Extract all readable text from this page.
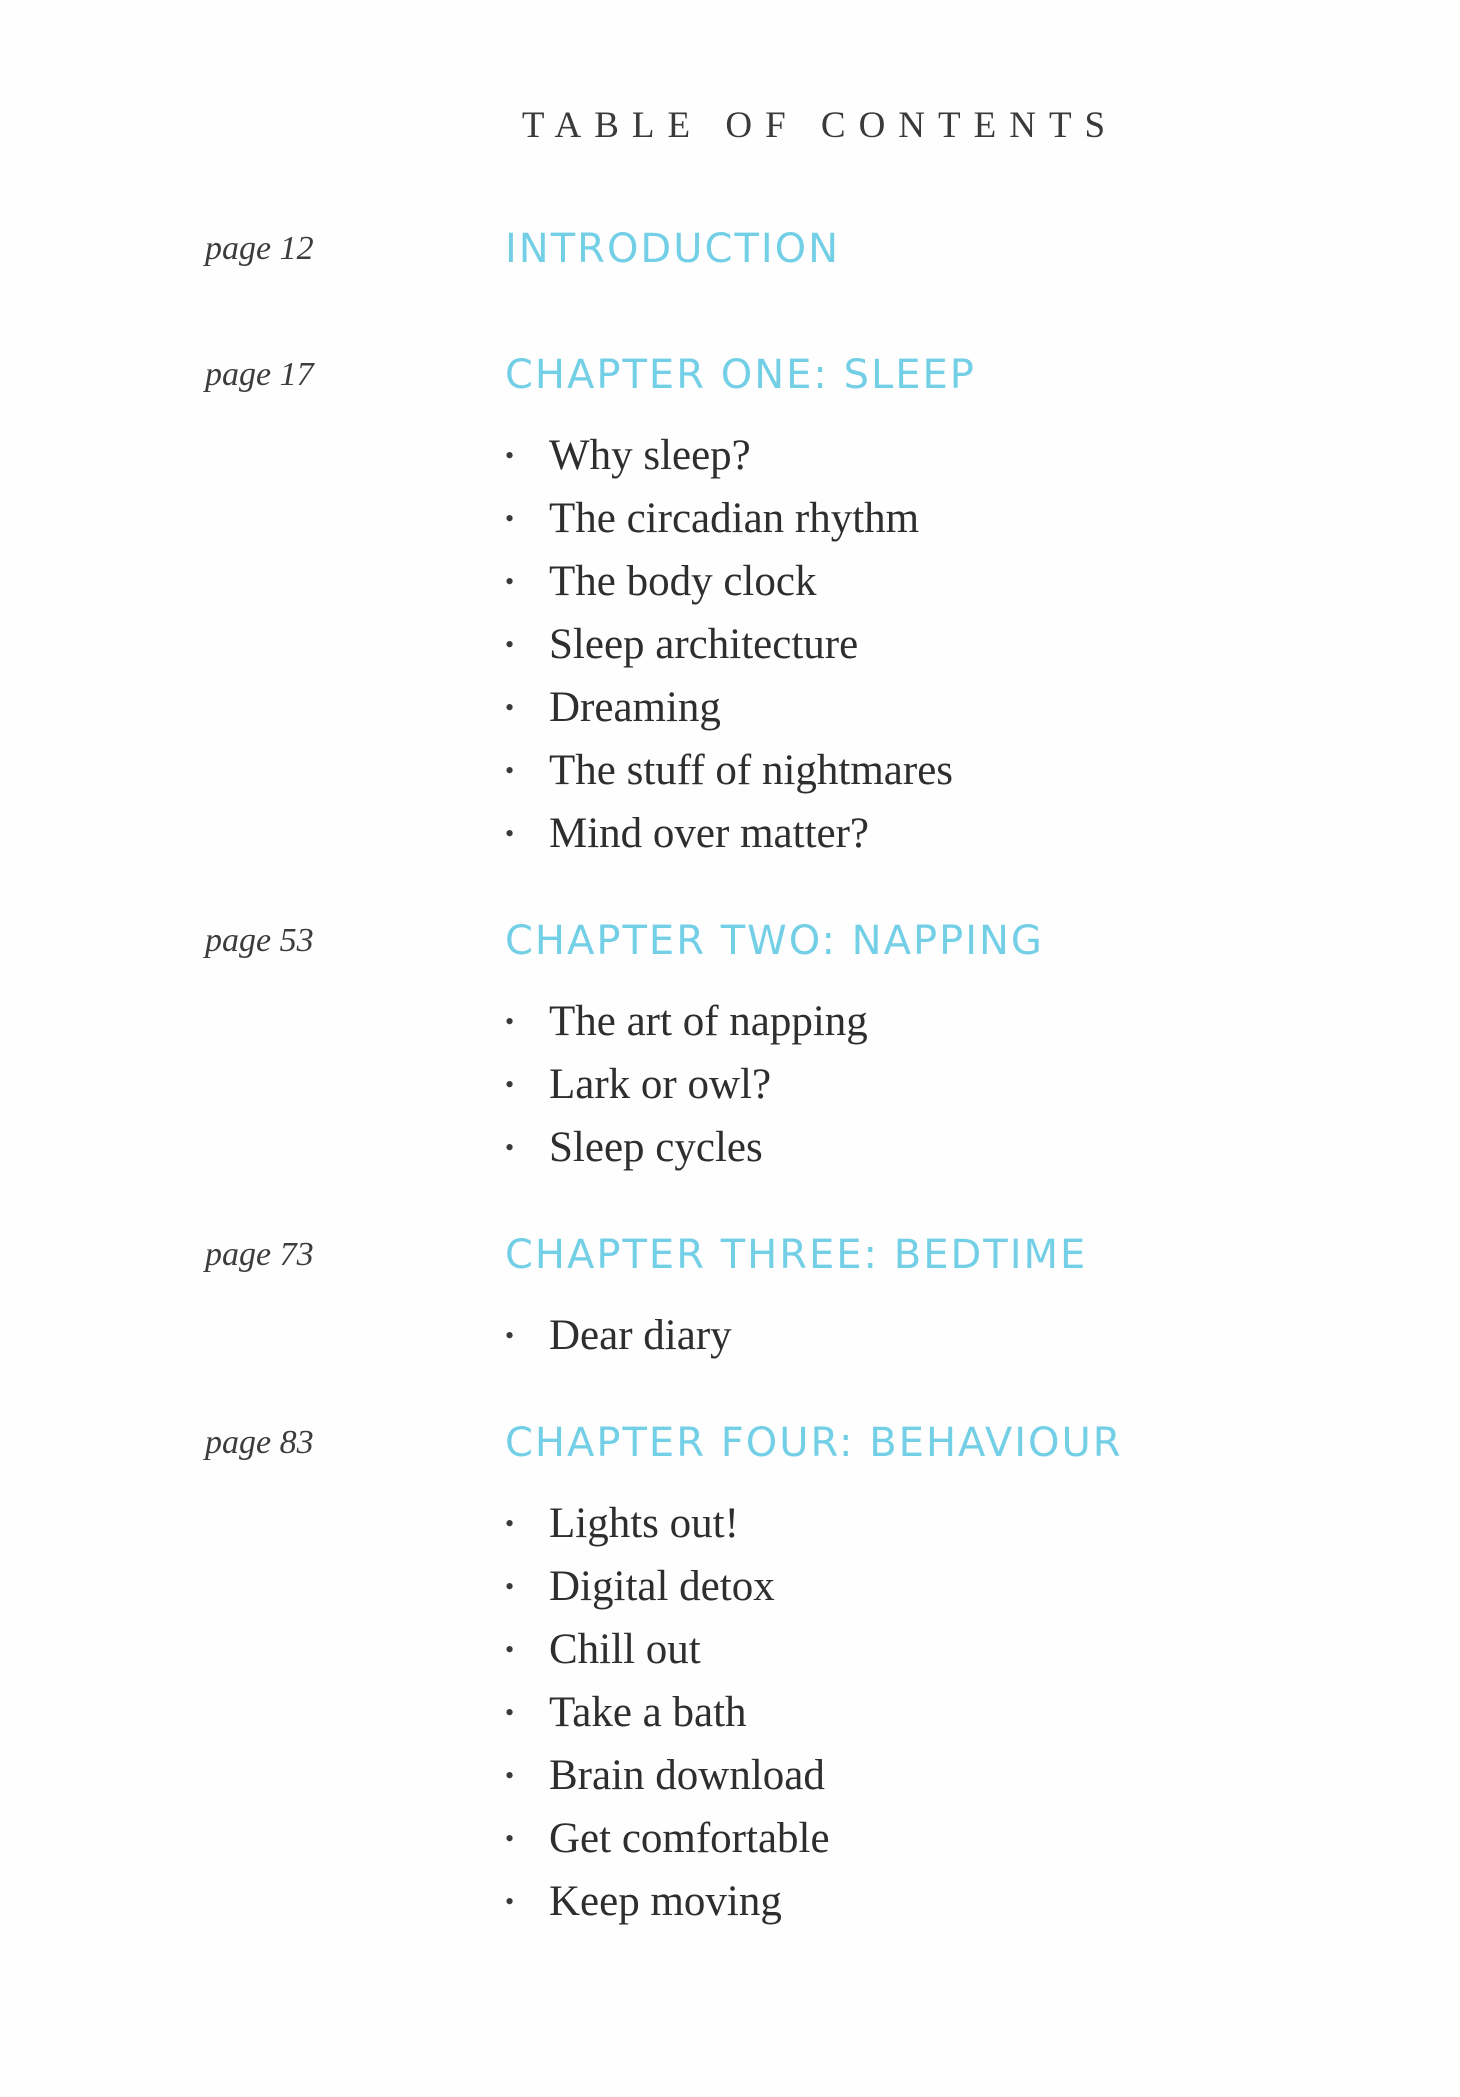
TABLE OF CONTENTS
page 12	INTRODUCTION
page 17	CHAPTER ONE: SLEEP
• Why sleep?
• The circadian rhythm
• The body clock
• Sleep architecture
• Dreaming
• The stuff of nightmares
• Mind over matter?
page 53	CHAPTER TWO: NAPPING
• The art of napping
• Lark or owl?
• Sleep cycles
page 73	CHAPTER THREE: BEDTIME
• Dear diary
page 83	CHAPTER FOUR: BEHAVIOUR
• Lights out!
• Digital detox
• Chill out
• Take a bath
• Brain download
• Get comfortable
• Keep moving
